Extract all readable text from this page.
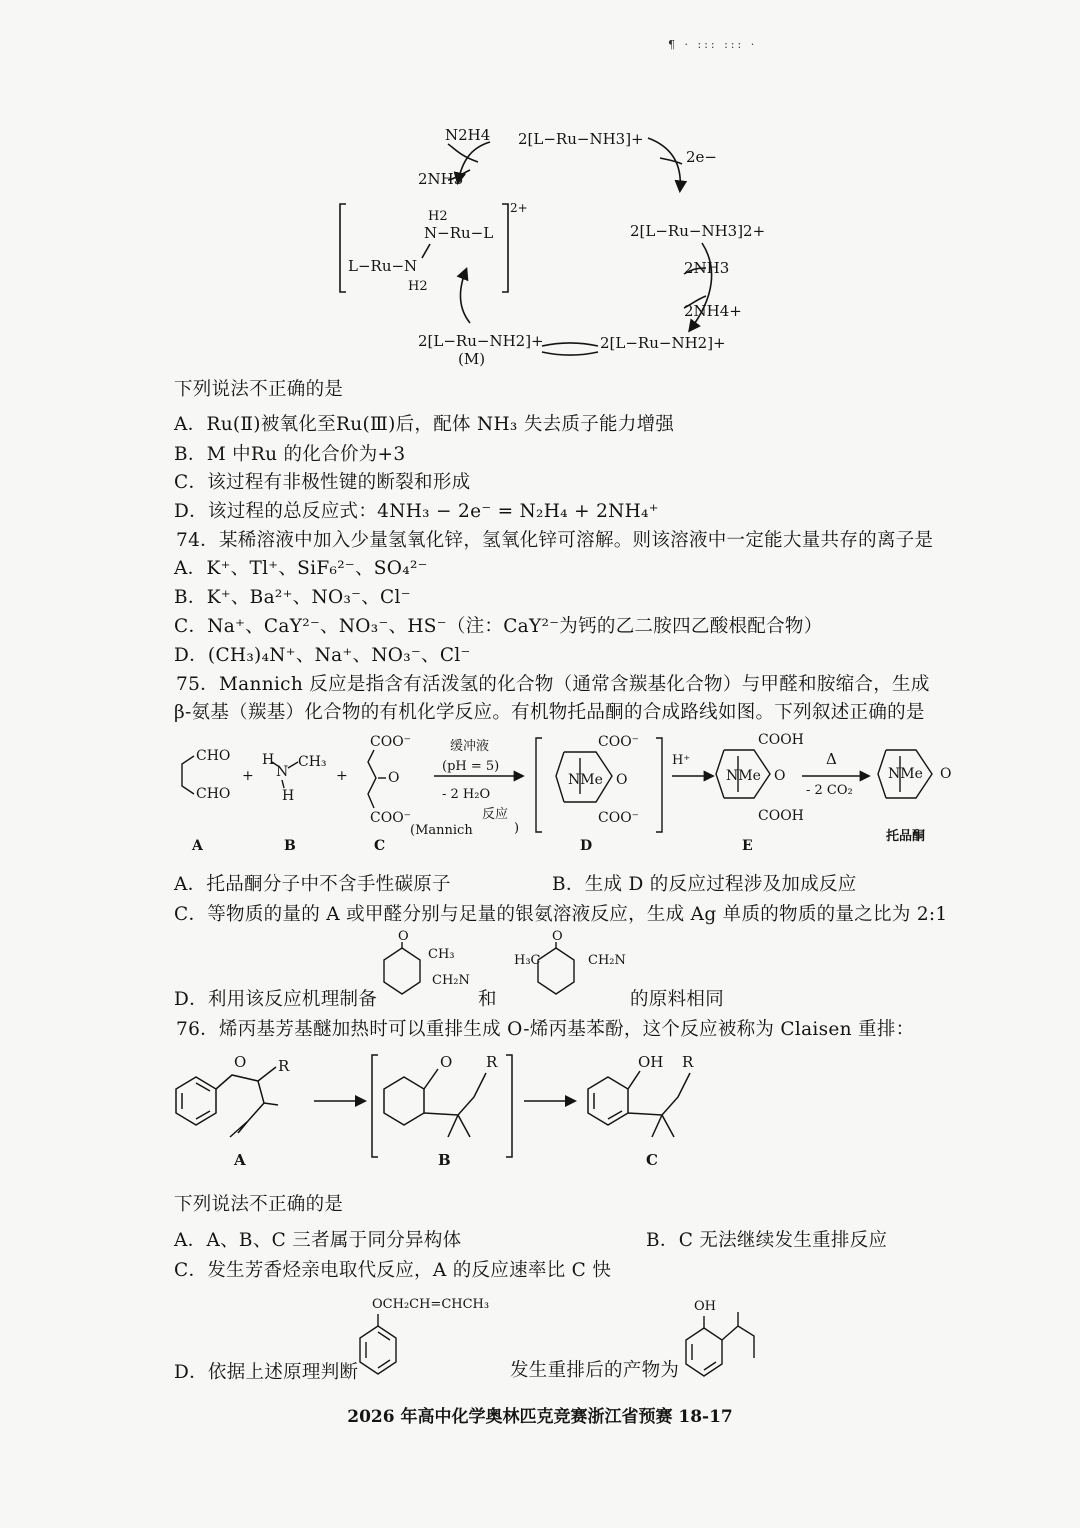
¶ · ::: ::: ·
2[L−Ru−NH3]+
N2H4
2NH3
2e−
2[L−Ru−NH3]2+
2NH3
2NH4+
2[L−Ru−NH2]+
2[L−Ru−NH2]+
(M)
H2
N−Ru−L
L−Ru−N
H2
2+
下列说法不正确的是
A．Ru(Ⅱ)被氧化至Ru(Ⅲ)后，配体 NH₃ 失去质子能力增强
B．M 中Ru 的化合价为+3
C．该过程有非极性键的断裂和形成
D．该过程的总反应式：4NH₃ − 2e⁻ = N₂H₄ + 2NH₄⁺
74．某稀溶液中加入少量氢氧化锌，氢氧化锌可溶解。则该溶液中一定能大量共存的离子是
A．K⁺、Tl⁺、SiF₆²⁻、SO₄²⁻
B．K⁺、Ba²⁺、NO₃⁻、Cl⁻
C．Na⁺、CaY²⁻、NO₃⁻、HS⁻（注：CaY²⁻为钙的乙二胺四乙酸根配合物）
D．(CH₃)₄N⁺、Na⁺、NO₃⁻、Cl⁻
75．Mannich 反应是指含有活泼氢的化合物（通常含羰基化合物）与甲醛和胺缩合，生成
β-氨基（羰基）化合物的有机化学反应。有机物托品酮的合成路线如图。下列叙述正确的是
CHO
CHO
+
H
N
CH₃
H
+
COO⁻
O
COO⁻
缓冲液
(pH = 5)
- 2 H₂O
(Mannich
反应
)
COO⁻
NMe O
COO⁻
H⁺
COOH
NMe O
COOH
Δ
- 2 CO₂
NMe O
A	B	C	D	E
托品酮
A．托品酮分子中不含手性碳原子	B．生成 D 的反应过程涉及加成反应
C．等物质的量的 A 或甲醛分别与足量的银氨溶液反应，生成 Ag 单质的物质的量之比为 2:1
D．利用该反应机理制备
O
CH₃
CH₂N
H₃C
O
CH₂N
和	的原料相同
76．烯丙基芳基醚加热时可以重排生成 O-烯丙基苯酚，这个反应被称为 Claisen 重排：
O R	O R	OH R
A	B	C
下列说法不正确的是
A．A、B、C 三者属于同分异构体	B．C 无法继续发生重排反应
C．发生芳香烃亲电取代反应，A 的反应速率比 C 快
OCH₂CH=CHCH₃	OH
D．依据上述原理判断	发生重排后的产物为
2026 年高中化学奥林匹克竞赛浙江省预赛 18-17
